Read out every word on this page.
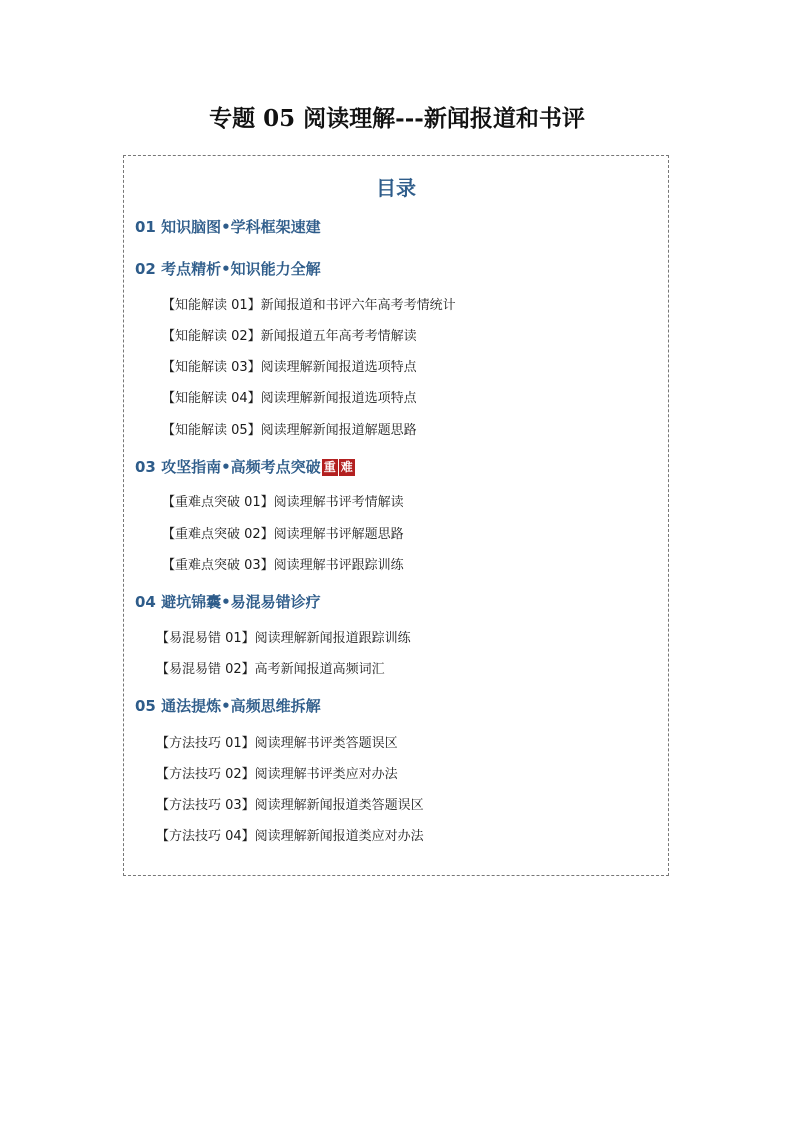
专题 05 阅读理解---新闻报道和书评
目录
01 知识脑图•学科框架速建
02 考点精析•知识能力全解
【知能解读 01】新闻报道和书评六年高考考情统计
【知能解读 02】新闻报道五年高考考情解读
【知能解读 03】阅读理解新闻报道选项特点
【知能解读 04】阅读理解新闻报道选项特点
【知能解读 05】阅读理解新闻报道解题思路
03 攻坚指南•高频考点突破 重 难
【重难点突破 01】阅读理解书评考情解读
【重难点突破 02】阅读理解书评解题思路
【重难点突破 03】阅读理解书评跟踪训练
04 避坑锦囊•易混易错诊疗
【易混易错 01】阅读理解新闻报道跟踪训练
【易混易错 02】高考新闻报道高频词汇
05 通法提炼•高频思维拆解
【方法技巧 01】阅读理解书评类答题误区
【方法技巧 02】阅读理解书评类应对办法
【方法技巧 03】阅读理解新闻报道类答题误区
【方法技巧 04】阅读理解新闻报道类应对办法
